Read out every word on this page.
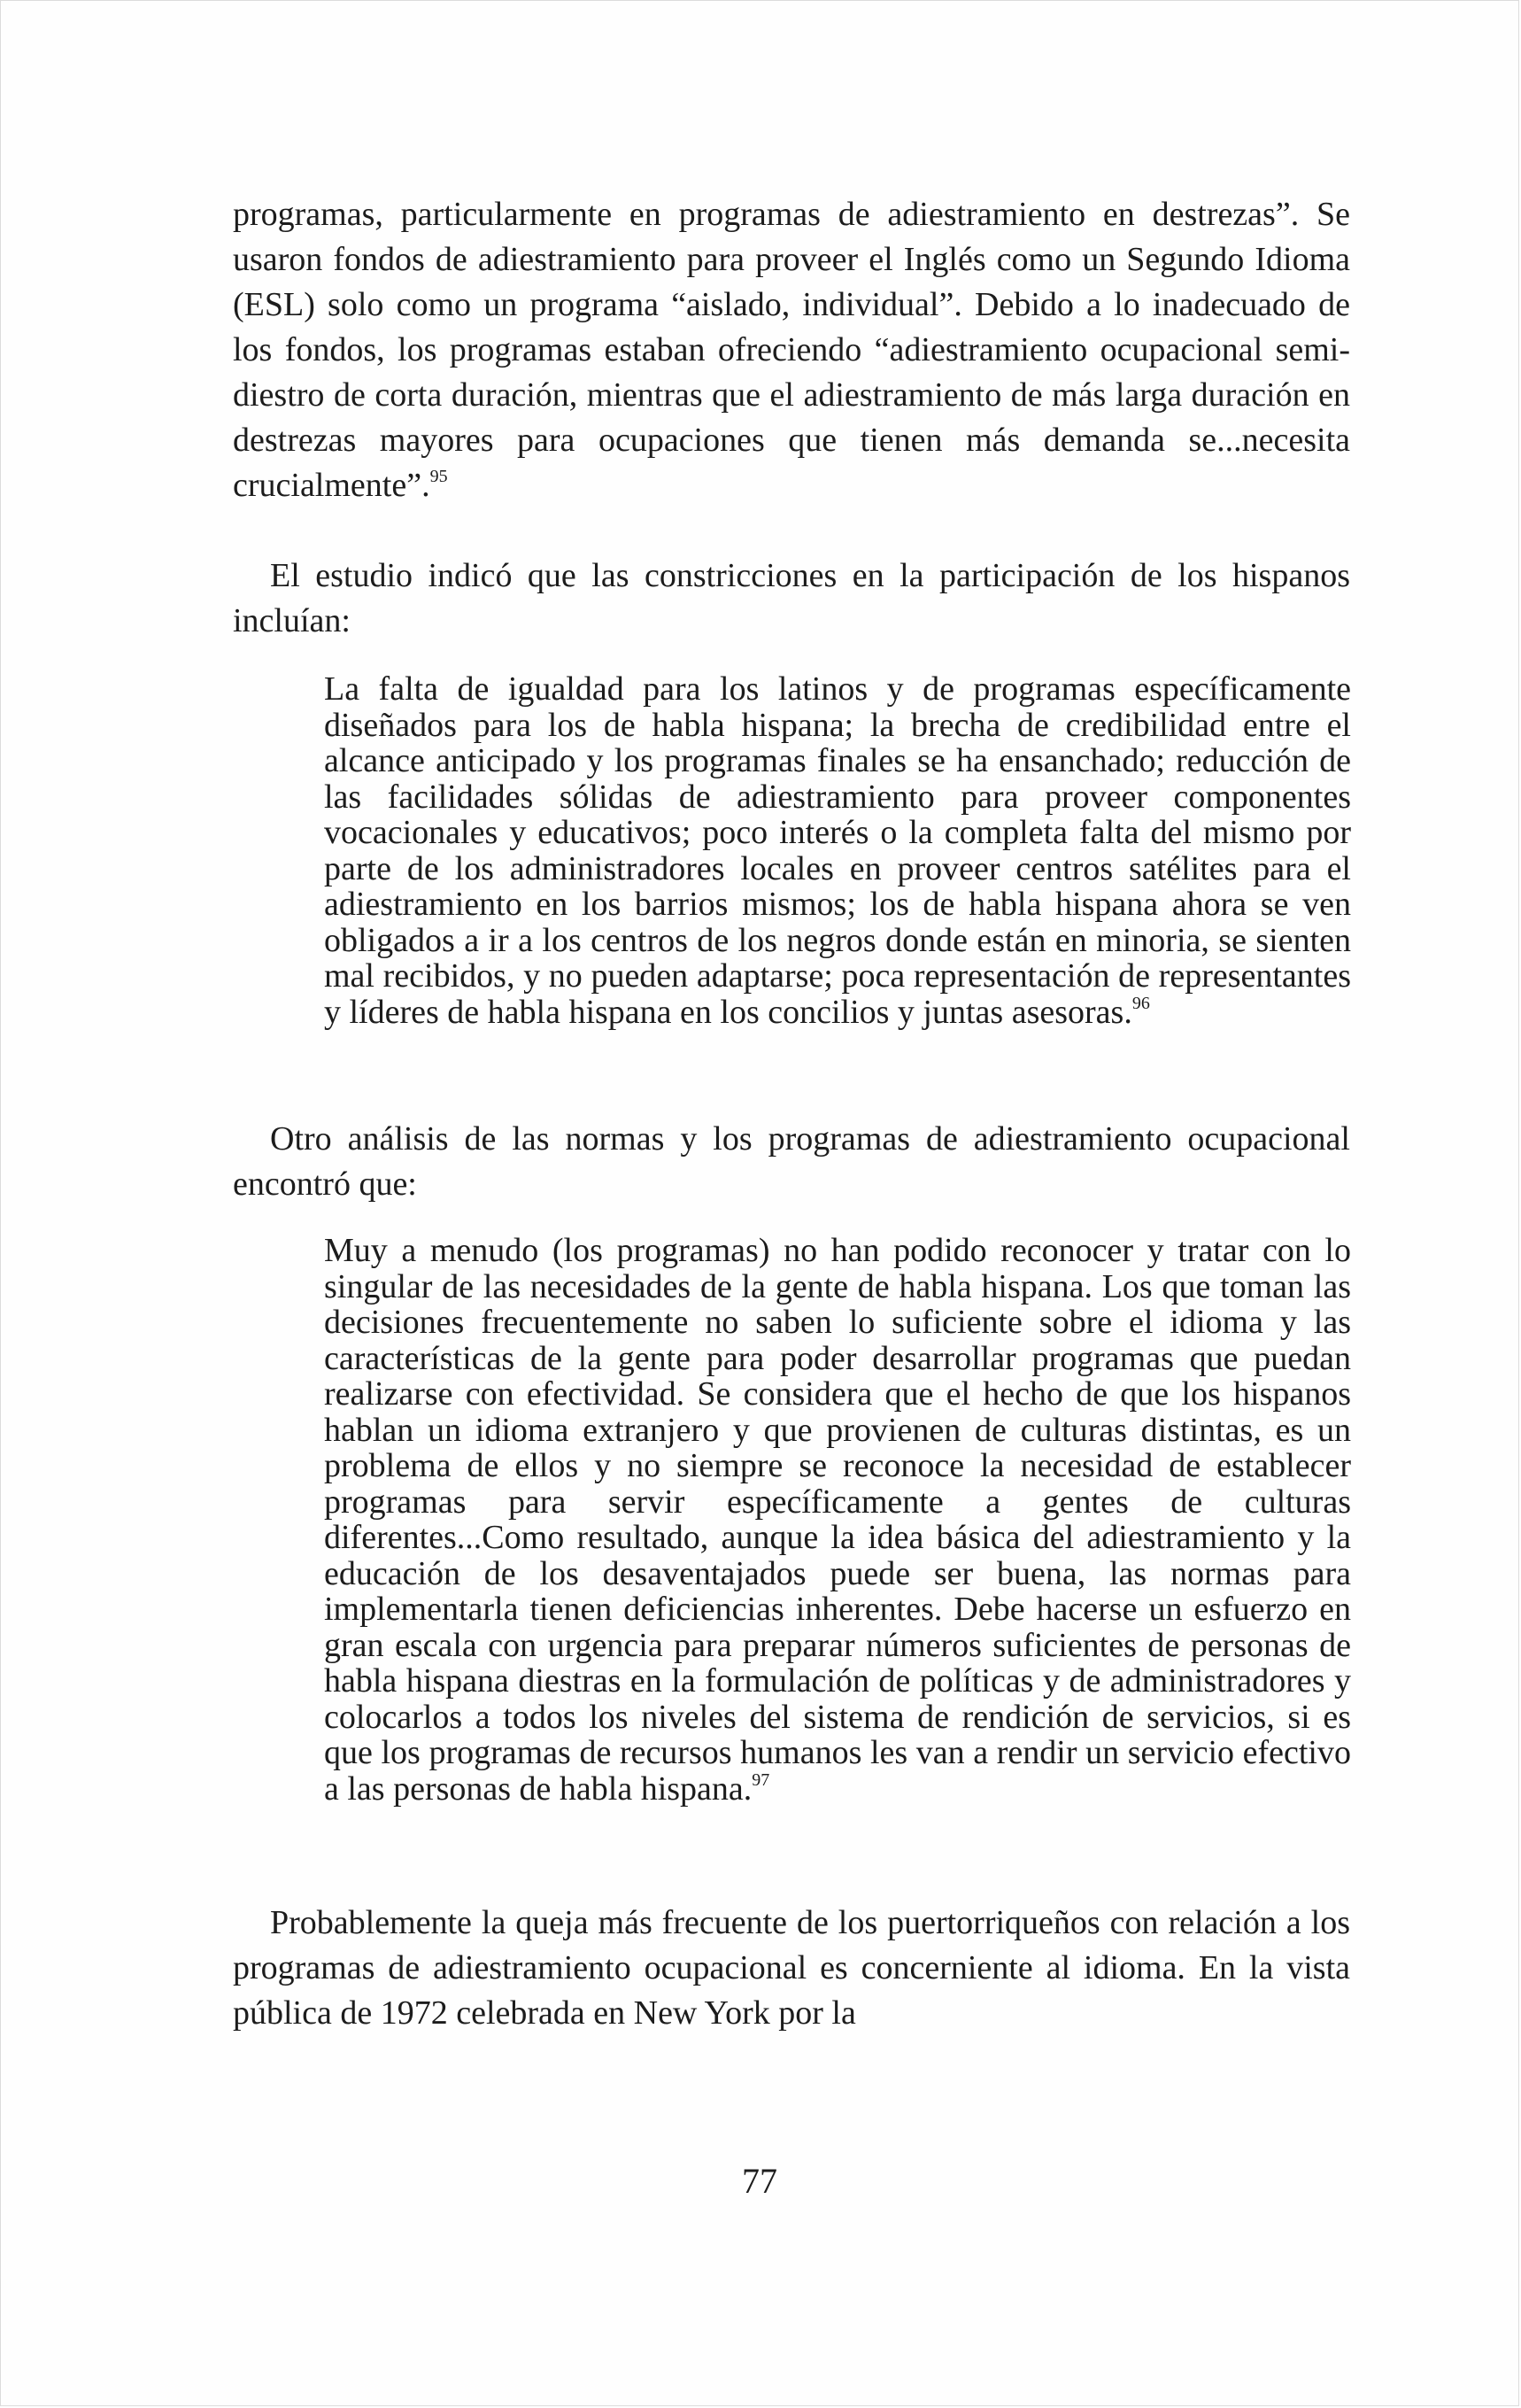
programas, particularmente en programas de adiestramiento en destrezas”. Se usaron fondos de adiestramiento para proveer el Inglés como un Segundo Idioma (ESL) solo como un programa “aislado, individual”. Debido a lo inadecuado de los fondos, los programas estaban ofreciendo “adiestramiento ocupacional semi-diestro de corta duración, mientras que el adiestramiento de más larga duración en destrezas mayores para ocupaciones que tienen más demanda se...necesita crucialmente”.$^{95}$

El estudio indicó que las constricciones en la participación de los hispanos incluían:

La falta de igualdad para los latinos y de programas específicamente diseñados para los de habla hispana; la brecha de credibilidad entre el alcance anticipado y los programas finales se ha ensanchado; reducción de las facilidades sólidas de adiestramiento para proveer componentes vocacionales y educativos; poco interés o la completa falta del mismo por parte de los administradores locales en proveer centros satélites para el adiestramiento en los barrios mismos; los de habla hispana ahora se ven obligados a ir a los centros de los negros donde están en minoria, se sienten mal recibidos, y no pueden adaptarse; poca representación de representantes y líderes de habla hispana en los concilios y juntas asesoras.$^{96}$

Otro análisis de las normas y los programas de adiestramiento ocupacional encontró que:

Muy a menudo (los programas) no han podido reconocer y tratar con lo singular de las necesidades de la gente de habla hispana. Los que toman las decisiones frecuentemente no saben lo suficiente sobre el idioma y las características de la gente para poder desarrollar programas que puedan realizarse con efectividad. Se considera que el hecho de que los hispanos hablan un idioma extranjero y que provienen de culturas distintas, es un problema de ellos y no siempre se reconoce la necesidad de establecer programas para servir específicamente a gentes de culturas diferentes...Como resultado, aunque la idea básica del adiestramiento y la educación de los desaventajados puede ser buena, las normas para implementarla tienen deficiencias inherentes. Debe hacerse un esfuerzo en gran escala con urgencia para preparar números suficientes de personas de habla hispana diestras en la formulación de políticas y de administradores y colocarlos a todos los niveles del sistema de rendición de servicios, si es que los programas de recursos humanos les van a rendir un servicio efectivo a las personas de habla hispana.$^{97}$

Probablemente la queja más frecuente de los puertorriqueños con relación a los programas de adiestramiento ocupacional es concerniente al idioma. En la vista pública de 1972 celebrada en New York por la

77
